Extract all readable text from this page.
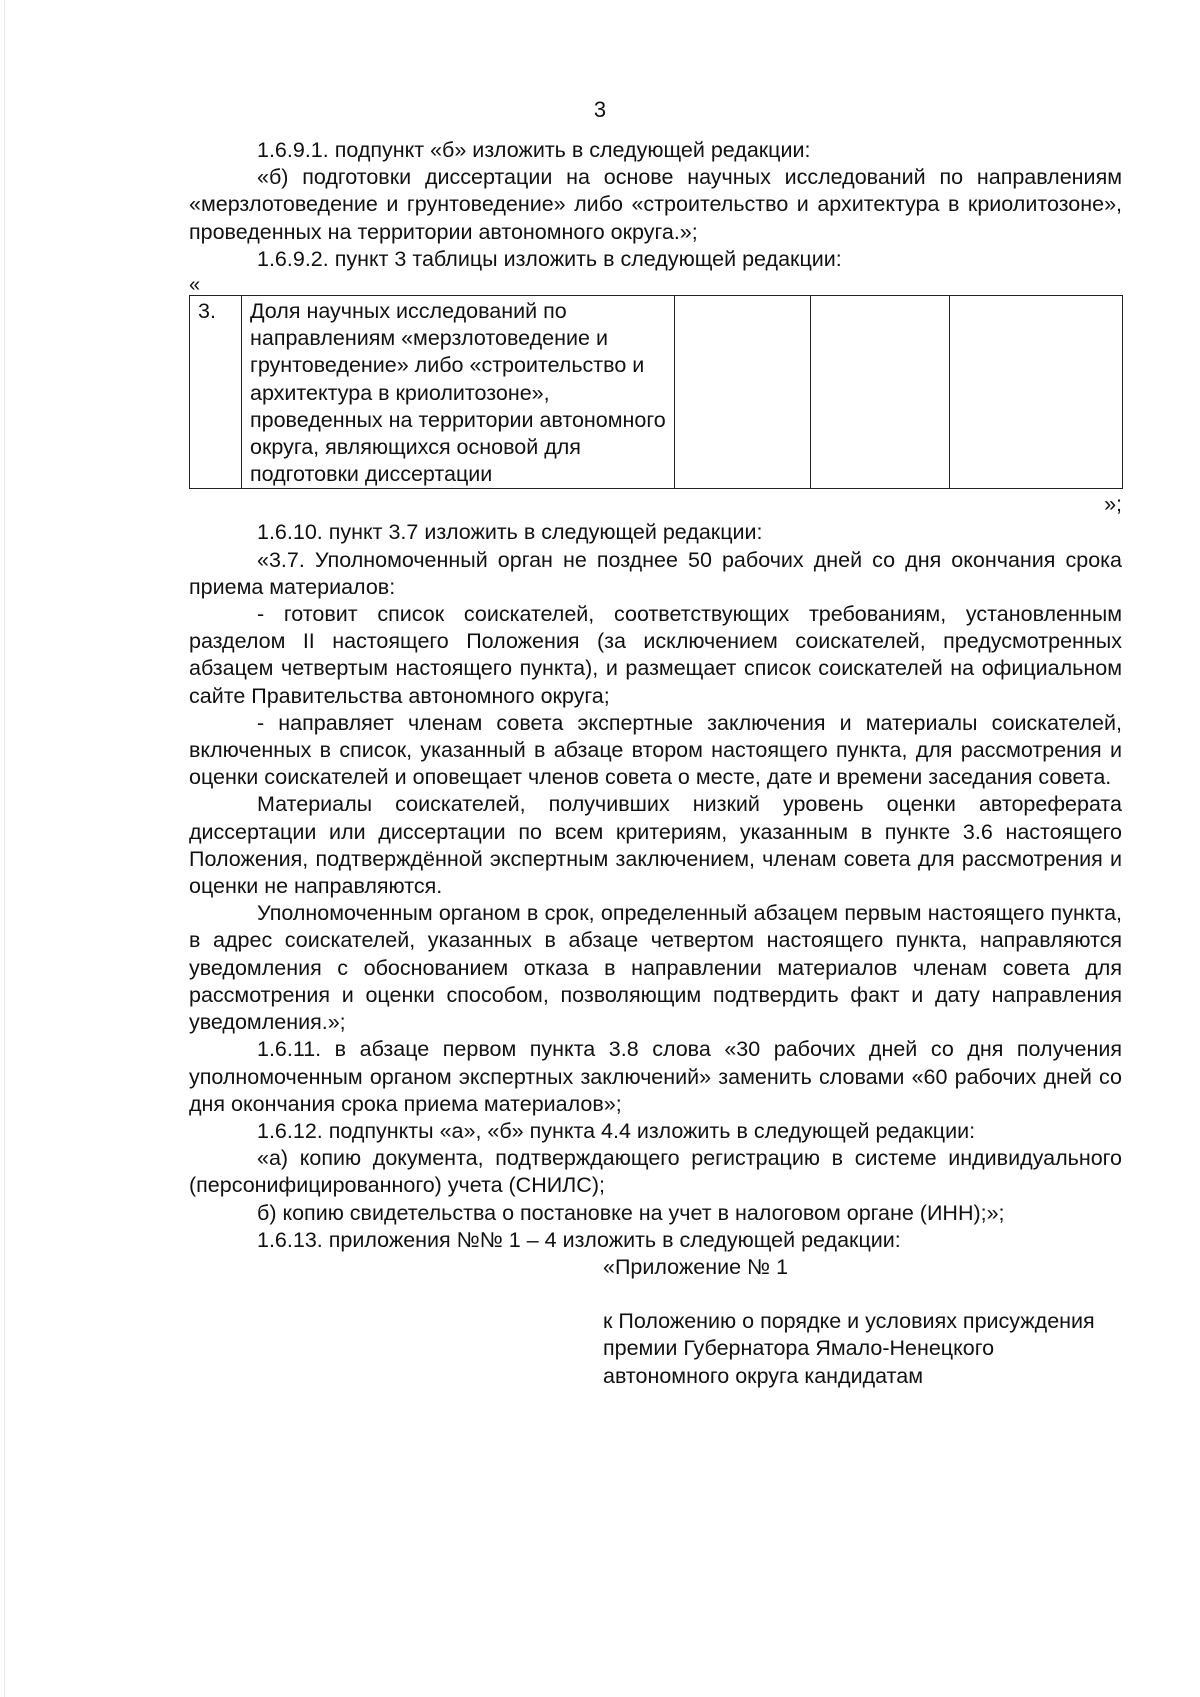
3

1.6.9.1. подпункт «б» изложить в следующей редакции:

«б) подготовки диссертации на основе научных исследований по направлениям «мерзлотоведение и грунтоведение» либо «строительство и архитектура в криолитозоне», проведенных на территории автономного округа.»;

1.6.9.2. пункт 3 таблицы изложить в следующей редакции:

«

3.	Доля научных исследований по направлениям «мерзлотоведение и грунтоведение» либо «строительство и архитектура в криолитозоне», проведенных на территории автономного округа, являющихся основой для подготовки диссертации			

»;

1.6.10. пункт 3.7 изложить в следующей редакции:

«3.7. Уполномоченный орган не позднее 50 рабочих дней со дня окончания срока приема материалов:

- готовит список соискателей, соответствующих требованиям, установленным разделом II настоящего Положения (за исключением соискателей, предусмотренных абзацем четвертым настоящего пункта), и размещает список соискателей на официальном сайте Правительства автономного округа;

- направляет членам совета экспертные заключения и материалы соискателей, включенных в список, указанный в абзаце втором настоящего пункта, для рассмотрения и оценки соискателей и оповещает членов совета о месте, дате и времени заседания совета.

Материалы соискателей, получивших низкий уровень оценки автореферата диссертации или диссертации по всем критериям, указанным в пункте 3.6 настоящего Положения, подтверждённой экспертным заключением, членам совета для рассмотрения и оценки не направляются.

Уполномоченным органом в срок, определенный абзацем первым настоящего пункта, в адрес соискателей, указанных в абзаце четвертом настоящего пункта, направляются уведомления с обоснованием отказа в направлении материалов членам совета для рассмотрения и оценки способом, позволяющим подтвердить факт и дату направления уведомления.»;

1.6.11. в абзаце первом пункта 3.8 слова «30 рабочих дней со дня получения уполномоченным органом экспертных заключений» заменить словами «60 рабочих дней со дня окончания срока приема материалов»;

1.6.12. подпункты «а», «б» пункта 4.4 изложить в следующей редакции:

«а) копию документа, подтверждающего регистрацию в системе индивидуального (персонифицированного) учета (СНИЛС);

б) копию свидетельства о постановке на учет в налоговом органе (ИНН);»;

1.6.13. приложения №№ 1 – 4 изложить в следующей редакции:

«Приложение № 1

к Положению о порядке и условиях присуждения премии Губернатора Ямало-Ненецкого автономного округа кандидатам
